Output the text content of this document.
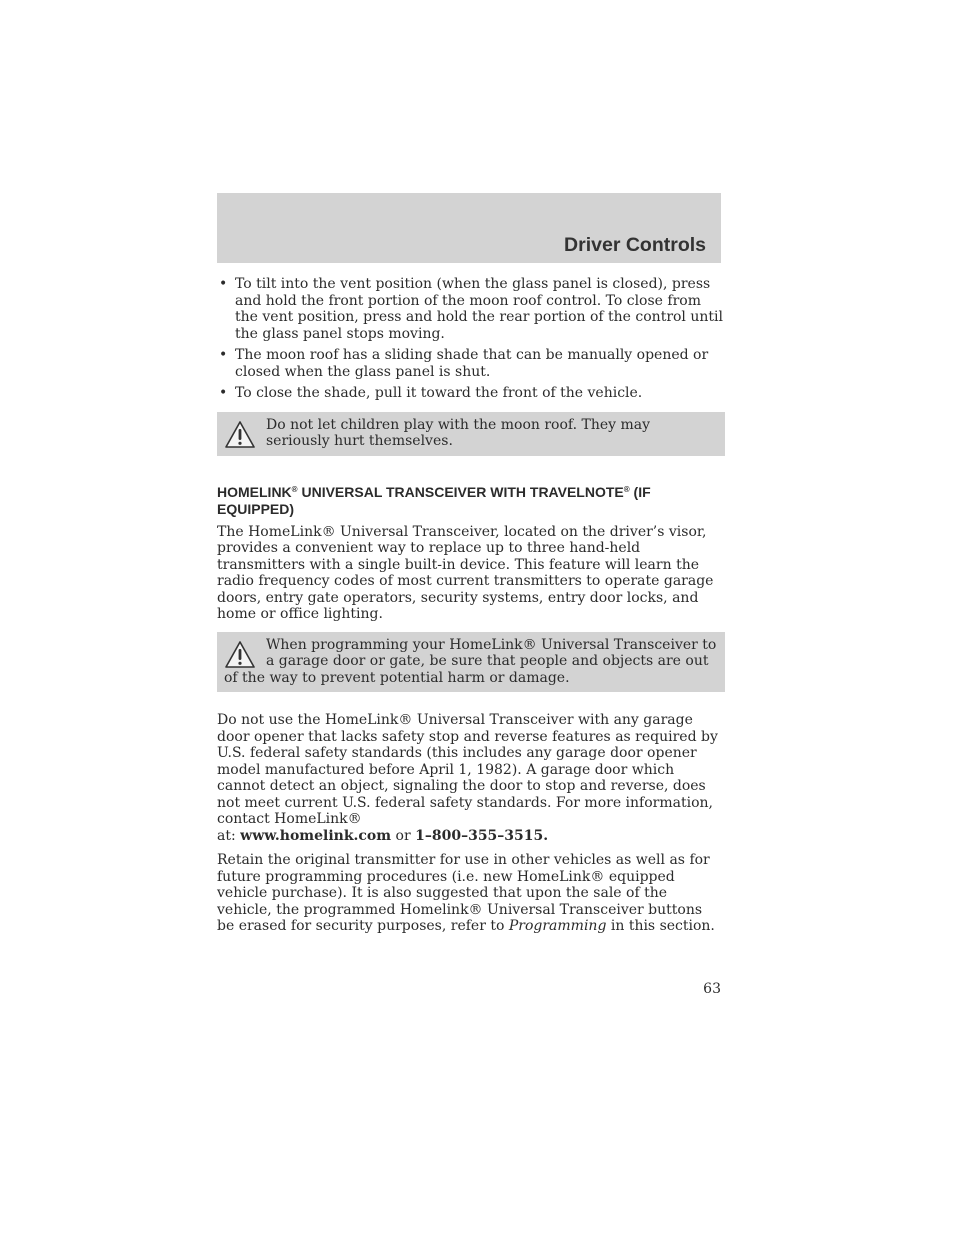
Driver Controls
• To tilt into the vent position (when the glass panel is closed), press and hold the front portion of the moon roof control. To close from the vent position, press and hold the rear portion of the control until the glass panel stops moving.
• The moon roof has a sliding shade that can be manually opened or closed when the glass panel is shut.
• To close the shade, pull it toward the front of the vehicle.
Do not let children play with the moon roof. They may seriously hurt themselves.
HOMELINK® UNIVERSAL TRANSCEIVER WITH TRAVELNOTE® (IF EQUIPPED)

The HomeLink® Universal Transceiver, located on the driver’s visor, provides a convenient way to replace up to three hand-held transmitters with a single built-in device. This feature will learn the radio frequency codes of most current transmitters to operate garage doors, entry gate operators, security systems, entry door locks, and home or office lighting.

When programming your HomeLink® Universal Transceiver to a garage door or gate, be sure that people and objects are out of the way to prevent potential harm or damage.

Do not use the HomeLink® Universal Transceiver with any garage door opener that lacks safety stop and reverse features as required by U.S. federal safety standards (this includes any garage door opener model manufactured before April 1, 1982). A garage door which cannot detect an object, signaling the door to stop and reverse, does not meet current U.S. federal safety standards. For more information, contact HomeLink®
at: www.homelink.com or 1–800–355–3515.

Retain the original transmitter for use in other vehicles as well as for future programming procedures (i.e. new HomeLink® equipped vehicle purchase). It is also suggested that upon the sale of the vehicle, the programmed Homelink® Universal Transceiver buttons be erased for security purposes, refer to Programming in this section.

63
